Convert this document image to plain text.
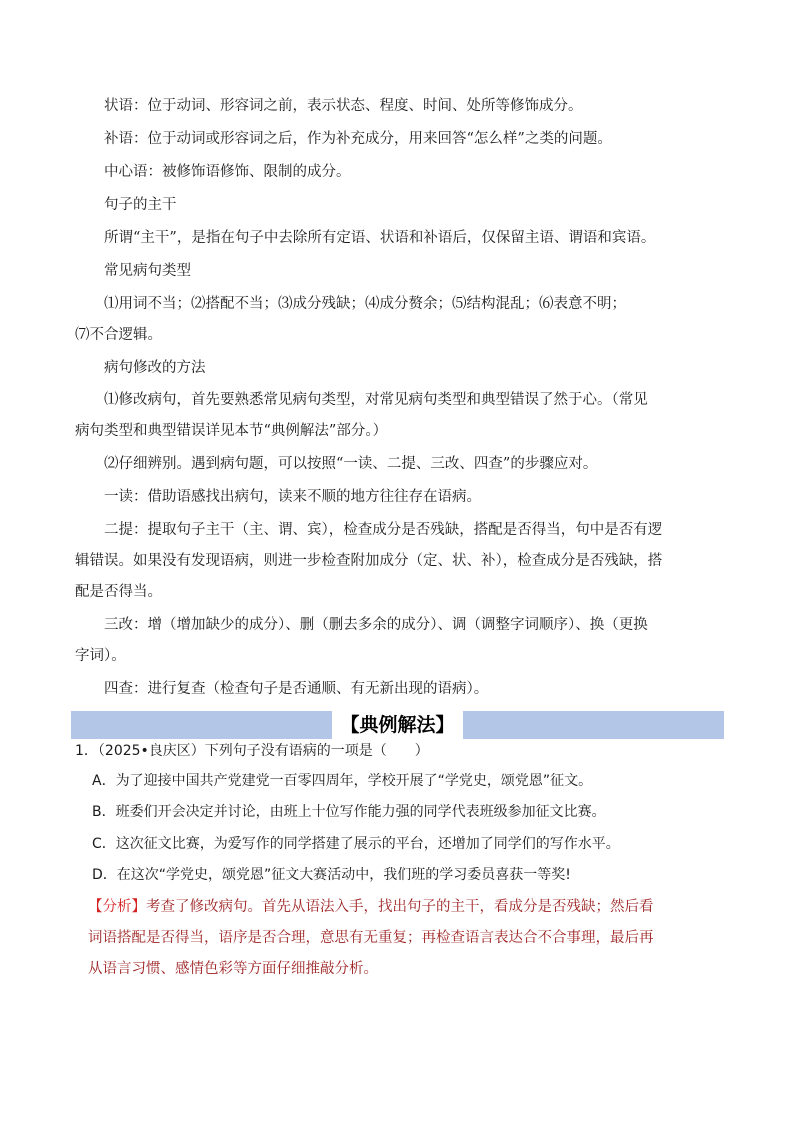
状语：位于动词、形容词之前，表示状态、程度、时间、处所等修饰成分。
补语：位于动词或形容词之后，作为补充成分，用来回答“怎么样”之类的问题。
中心语：被修饰语修饰、限制的成分。
句子的主干
所谓“主干”，是指在句子中去除所有定语、状语和补语后，仅保留主语、谓语和宾语。
常见病句类型
⑴用词不当；⑵搭配不当；⑶成分残缺；⑷成分赘余；⑸结构混乱；⑹表意不明；
⑺不合逻辑。
病句修改的方法
⑴修改病句，首先要熟悉常见病句类型，对常见病句类型和典型错误了然于心。（常见
病句类型和典型错误详见本节“典例解法”部分。）
⑵仔细辨别。遇到病句题，可以按照“一读、二提、三改、四查”的步骤应对。
一读：借助语感找出病句，读来不顺的地方往往存在语病。
二提：提取句子主干（主、谓、宾），检查成分是否残缺，搭配是否得当，句中是否有逻
辑错误。如果没有发现语病，则进一步检查附加成分（定、状、补），检查成分是否残缺，搭
配是否得当。
三改：增（增加缺少的成分）、删（删去多余的成分）、调（调整字词顺序）、换（更换
字词）。
四查：进行复查（检查句子是否通顺、有无新出现的语病）。
【典例解法】
1．（2025•良庆区）下列句子没有语病的一项是（　　）
A．为了迎接中国共产党建党一百零四周年，学校开展了“学党史，颂党恩”征文。
B．班委们开会决定并讨论，由班上十位写作能力强的同学代表班级参加征文比赛。
C．这次征文比赛，为爱写作的同学搭建了展示的平台，还增加了同学们的写作水平。
D．在这次“学党史，颂党恩”征文大赛活动中，我们班的学习委员喜获一等奖!
【分析】考查了修改病句。首先从语法入手，找出句子的主干，看成分是否残缺；然后看
词语搭配是否得当，语序是否合理，意思有无重复；再检查语言表达合不合事理，最后再
从语言习惯、感情色彩等方面仔细推敲分析。
